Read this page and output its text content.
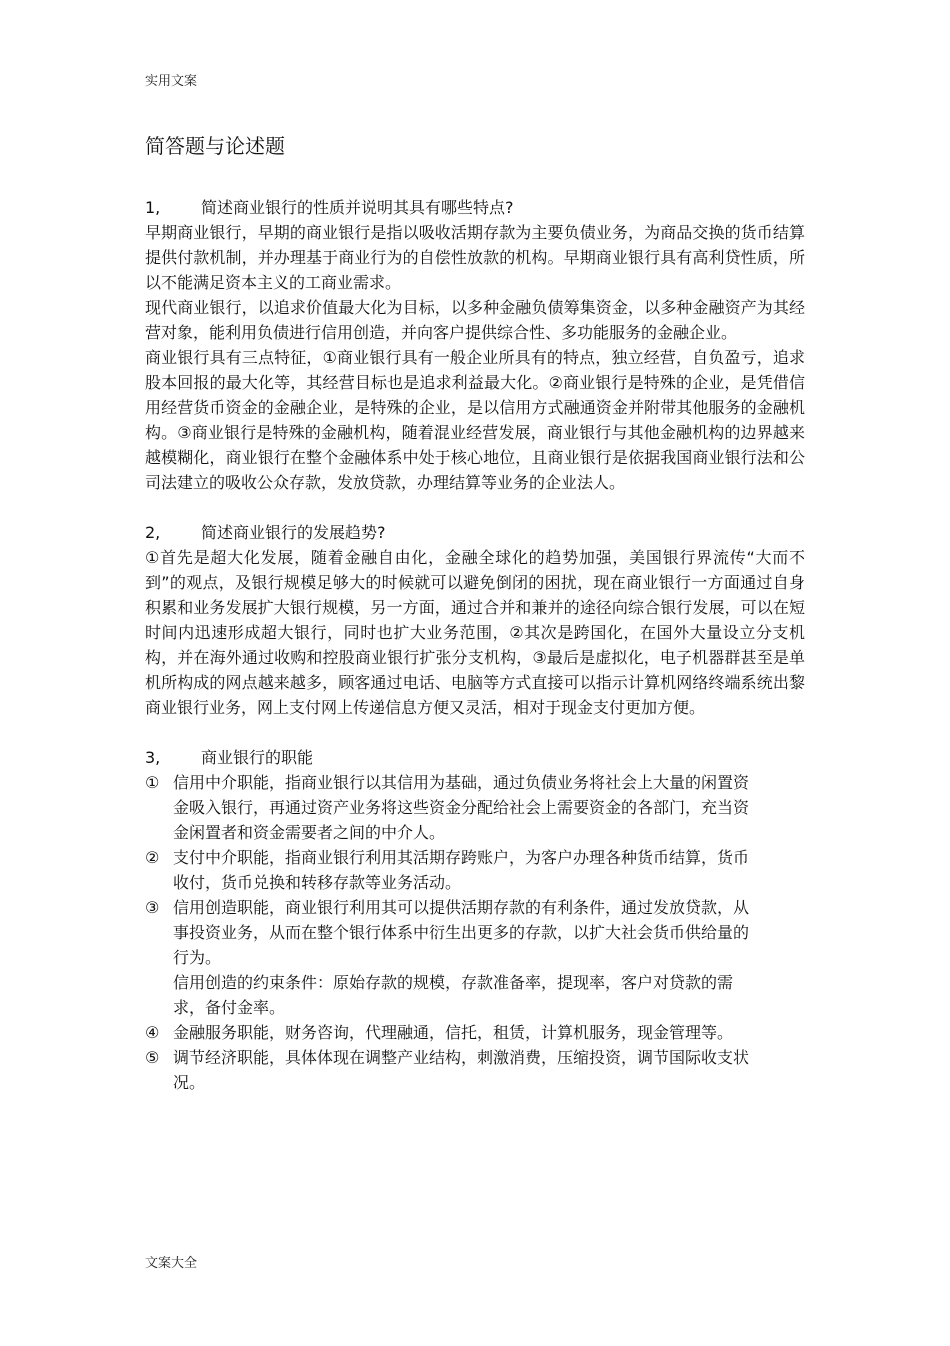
实用文案
简答题与论述题
1,	简述商业银行的性质并说明其具有哪些特点?

早期商业银行，早期的商业银行是指以吸收活期存款为主要负债业务，为商品交换的货币结算提供付款机制，并办理基于商业行为的自偿性放款的机构。早期商业银行具有高利贷性质，所以不能满足资本主义的工商业需求。

现代商业银行，以追求价值最大化为目标，以多种金融负债筹集资金，以多种金融资产为其经营对象，能利用负债进行信用创造，并向客户提供综合性、多功能服务的金融企业。

商业银行具有三点特征，①商业银行具有一般企业所具有的特点，独立经营，自负盈亏，追求股本回报的最大化等，其经营目标也是追求利益最大化。②商业银行是特殊的企业，是凭借信用经营货币资金的金融企业，是特殊的企业，是以信用方式融通资金并附带其他服务的金融机构。③商业银行是特殊的金融机构，随着混业经营发展，商业银行与其他金融机构的边界越来越模糊化，商业银行在整个金融体系中处于核心地位，且商业银行是依据我国商业银行法和公司法建立的吸收公众存款，发放贷款，办理结算等业务的企业法人。

2,	简述商业银行的发展趋势?

①首先是超大化发展，随着金融自由化，金融全球化的趋势加强，美国银行界流传“大而不到”的观点，及银行规模足够大的时候就可以避免倒闭的困扰，现在商业银行一方面通过自身积累和业务发展扩大银行规模，另一方面，通过合并和兼并的途径向综合银行发展，可以在短时间内迅速形成超大银行，同时也扩大业务范围，②其次是跨国化，在国外大量设立分支机构，并在海外通过收购和控股商业银行扩张分支机构，③最后是虚拟化，电子机器群甚至是单机所构成的网点越来越多，顾客通过电话、电脑等方式直接可以指示计算机网络终端系统出黎商业银行业务，网上支付网上传递信息方便又灵活，相对于现金支付更加方便。

3,	商业银行的职能
① 信用中介职能，指商业银行以其信用为基础，通过负债业务将社会上大量的闲置资金吸入银行，再通过资产业务将这些资金分配给社会上需要资金的各部门，充当资金闲置者和资金需要者之间的中介人。

② 支付中介职能，指商业银行利用其活期存跨账户，为客户办理各种货币结算，货币收付，货币兑换和转移存款等业务活动。

③ 信用创造职能，商业银行利用其可以提供活期存款的有利条件，通过发放贷款，从事投资业务，从而在整个银行体系中衍生出更多的存款，以扩大社会货币供给量的行为。

信用创造的约束条件：原始存款的规模，存款准备率，提现率，客户对贷款的需求，备付金率。

④ 金融服务职能，财务咨询，代理融通，信托，租赁，计算机服务，现金管理等。

⑤ 调节经济职能，具体体现在调整产业结构，刺激消费，压缩投资，调节国际收支状况。

文案大全
